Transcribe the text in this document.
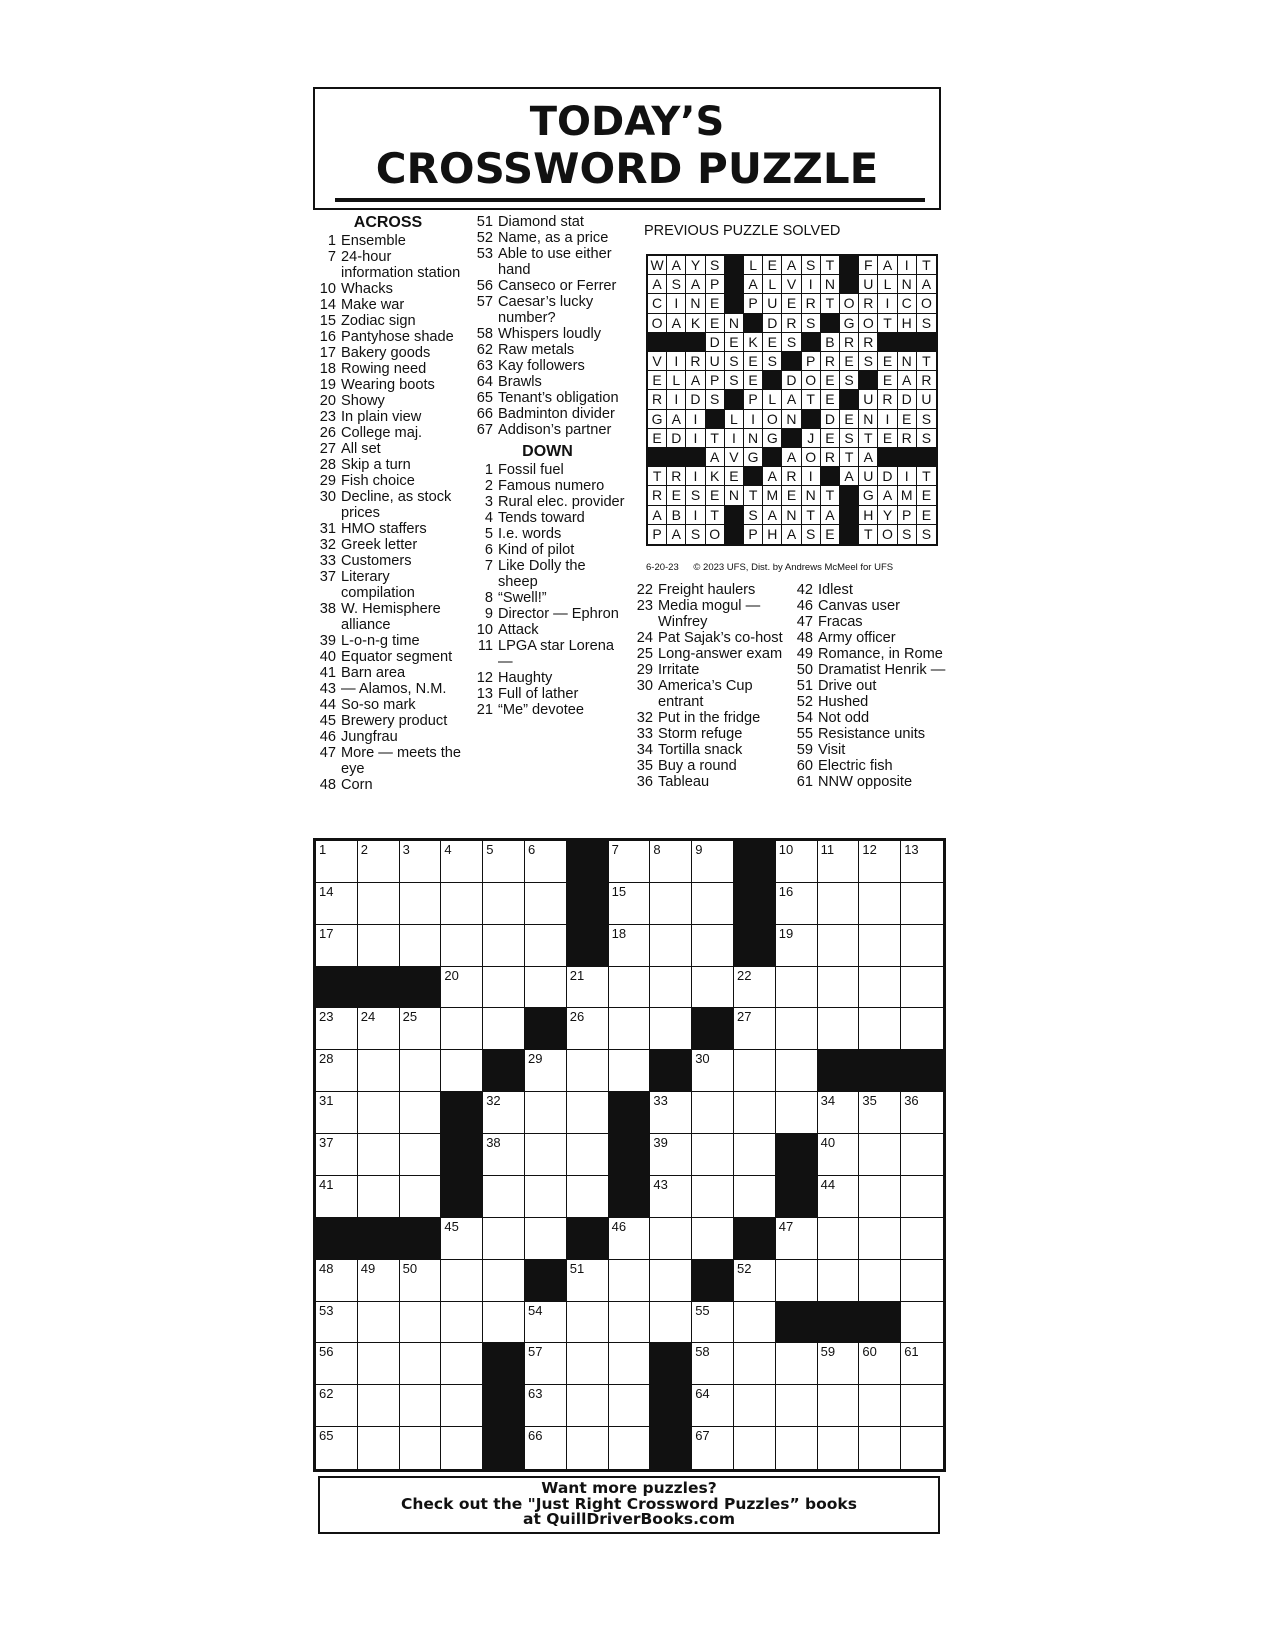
TODAY’S
CROSSWORD PUZZLE
ACROSS
1 Ensemble
7 24-hour information station
10 Whacks
14 Make war
15 Zodiac sign
16 Pantyhose shade
17 Bakery goods
18 Rowing need
19 Wearing boots
20 Showy
23 In plain view
26 College maj.
27 All set
28 Skip a turn
29 Fish choice
30 Decline, as stock prices
31 HMO staffers
32 Greek letter
33 Customers
37 Literary compilation
38 W. Hemisphere alliance
39 L-o-n-g time
40 Equator segment
41 Barn area
43 — Alamos, N.M.
44 So-so mark
45 Brewery product
46 Jungfrau
47 More — meets the eye
48 Corn
51 Diamond stat
52 Name, as a price
53 Able to use either hand
56 Canseco or Ferrer
57 Caesar’s lucky number?
58 Whispers loudly
62 Raw metals
63 Kay followers
64 Brawls
65 Tenant’s obligation
66 Badminton divider
67 Addison’s partner
DOWN
1 Fossil fuel
2 Famous numero
3 Rural elec. provider
4 Tends toward
5 I.e. words
6 Kind of pilot
7 Like Dolly the sheep
8 “Swell!”
9 Director — Ephron
10 Attack
11 LPGA star Lorena —
12 Haughty
13 Full of lather
21 “Me” devotee
22 Freight haulers
23 Media mogul — Winfrey
24 Pat Sajak’s co-host
25 Long-answer exam
29 Irritate
30 America’s Cup entrant
32 Put in the fridge
33 Storm refuge
34 Tortilla snack
35 Buy a round
36 Tableau
42 Idlest
46 Canvas user
47 Fracas
48 Army officer
49 Romance, in Rome
50 Dramatist Henrik —
51 Drive out
52 Hushed
54 Not odd
55 Resistance units
59 Visit
60 Electric fish
61 NNW opposite
PREVIOUS PUZZLE SOLVED
W A Y S	L E A S T	F A I T
A S A P	A L V I N	U L N A
C I N E	P U E R T O R I C O
O A K E N	D R S	G O T H S
D E K E S	B R R
V I R U S E S	P R E S E N T
E L A P S E	D O E S	E A R
R I D S	P L A T E	U R D U
G A I	L I O N	D E N I E S
E D I T I N G	J E S T E R S
A V G	A O R T A
T R I K E	A R I	A U D I T
R E S E N T M E N T	G A M E
A B I T	S A N T A	H Y P E
P A S O	P H A S E	T O S S
6-20-23 © 2023 UFS, Dist. by Andrews McMeel for UFS
1	2	3	4	5	6	7	8	9	10 11 12 13
14	15	16
17	18	19
20	21	22
23 24 25	26	27
28	29	30
31	32	33	34 35 36
37	38	39	40
41	43	44
45	46	47
48 49 50	51	52
53	54	55
56	57	58	59 60 61
62	63	64
65	66	67
Want more puzzles?
Check out the "Just Right Crossword Puzzles” books
at QuillDriverBooks.com
